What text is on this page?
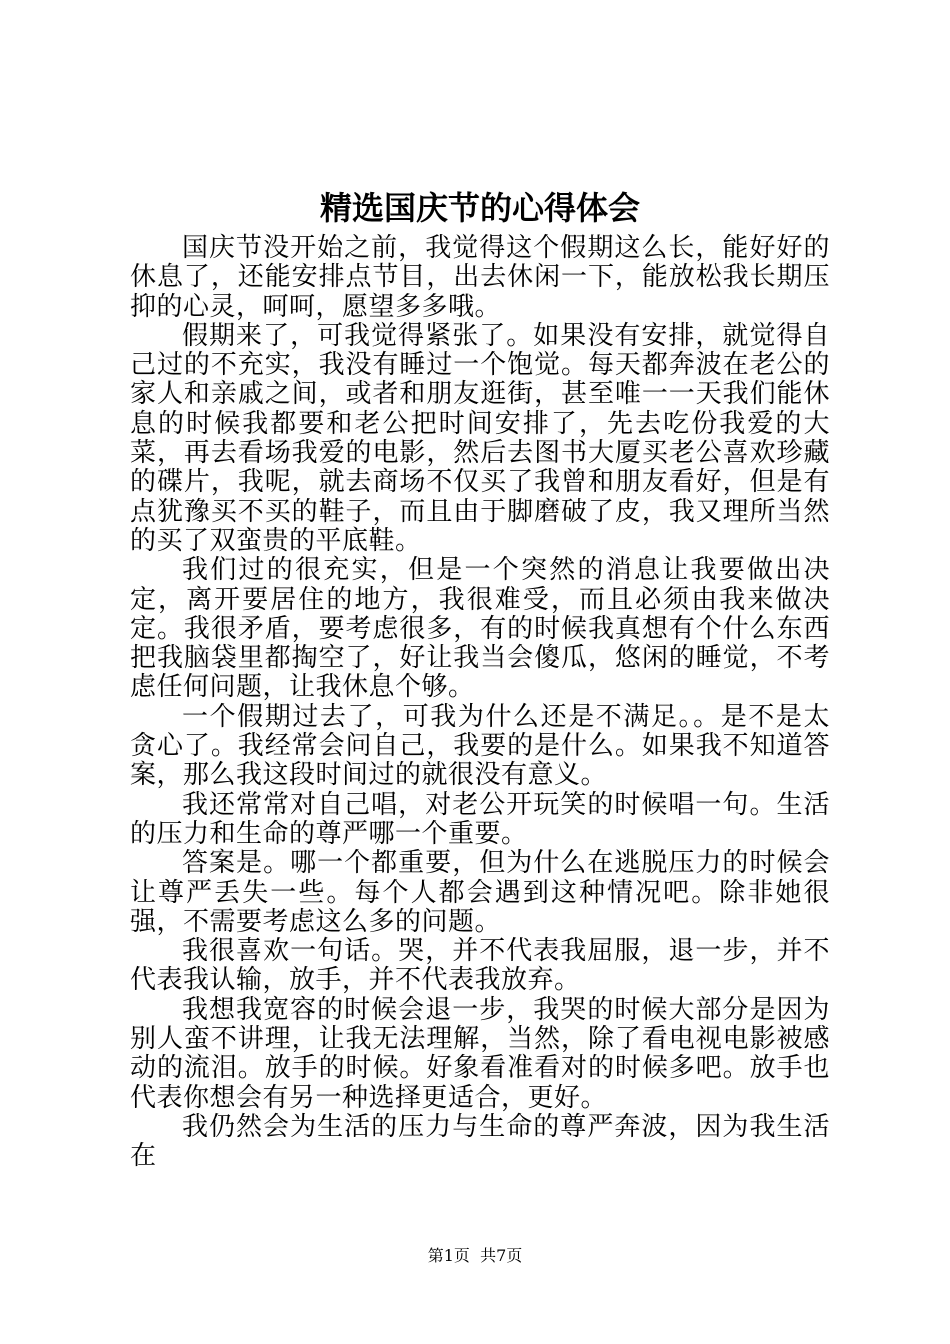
精选国庆节的心得体会

国庆节没开始之前，我觉得这个假期这么长，能好好的休息了，还能安排点节目，出去休闲一下，能放松我长期压抑的心灵，呵呵，愿望多多哦。

假期来了，可我觉得紧张了。如果没有安排，就觉得自己过的不充实，我没有睡过一个饱觉。每天都奔波在老公的家人和亲戚之间，或者和朋友逛街，甚至唯一一天我们能休息的时候我都要和老公把时间安排了，先去吃份我爱的大菜，再去看场我爱的电影，然后去图书大厦买老公喜欢珍藏的碟片，我呢，就去商场不仅买了我曾和朋友看好，但是有点犹豫买不买的鞋子，而且由于脚磨破了皮，我又理所当然的买了双蛮贵的平底鞋。

我们过的很充实，但是一个突然的消息让我要做出决定，离开要居住的地方，我很难受，而且必须由我来做决定。我很矛盾，要考虑很多，有的时候我真想有个什么东西把我脑袋里都掏空了，好让我当会傻瓜，悠闲的睡觉，不考虑任何问题，让我休息个够。

一个假期过去了，可我为什么还是不满足。。是不是太贪心了。我经常会问自己，我要的是什么。如果我不知道答案，那么我这段时间过的就很没有意义。

我还常常对自己唱，对老公开玩笑的时候唱一句。生活的压力和生命的尊严哪一个重要。

答案是。哪一个都重要，但为什么在逃脱压力的时候会让尊严丢失一些。每个人都会遇到这种情况吧。除非她很强，不需要考虑这么多的问题。

我很喜欢一句话。哭，并不代表我屈服，退一步，并不代表我认输，放手，并不代表我放弃。

我想我宽容的时候会退一步，我哭的时候大部分是因为别人蛮不讲理，让我无法理解，当然，除了看电视电影被感动的流泪。放手的时候。好象看准看对的时候多吧。放手也代表你想会有另一种选择更适合，更好。

我仍然会为生活的压力与生命的尊严奔波，因为我生活在

第1页  共7页
